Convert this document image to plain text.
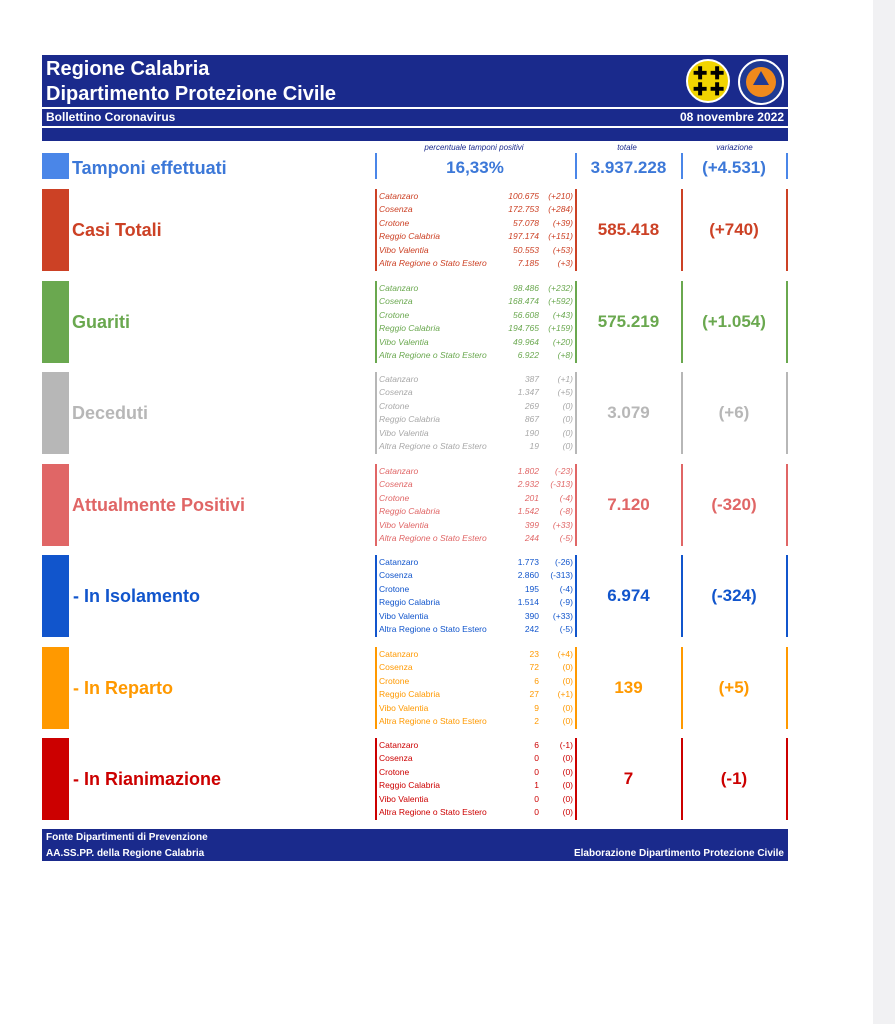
Regione Calabria
Dipartimento Protezione Civile
✚ ✚
✚ ✚
Bollettino Coronavirus	08 novembre 2022
percentuale tamponi positivi	totale	variazione
Tamponi effettuati	16,33%	3.937.228	(+4.531)
Casi Totali
Catanzaro	100.675	(+210)
Cosenza	172.753	(+284)
Crotone	57.078	(+39)
Reggio Calabria	197.174	(+151)
Vibo Valentia	50.553	(+53)
Altra Regione o Stato Estero	7.185	(+3)
585.418	(+740)
Guariti
Catanzaro	98.486	(+232)
Cosenza	168.474	(+592)
Crotone	56.608	(+43)
Reggio Calabria	194.765	(+159)
Vibo Valentia	49.964	(+20)
Altra Regione o Stato Estero	6.922	(+8)
575.219	(+1.054)
Deceduti
Catanzaro	387	(+1)
Cosenza	1.347	(+5)
Crotone	269	(0)
Reggio Calabria	867	(0)
Vibo Valentia	190	(0)
Altra Regione o Stato Estero	19	(0)
3.079	(+6)
Attualmente Positivi
Catanzaro	1.802	(-23)
Cosenza	2.932	(-313)
Crotone	201	(-4)
Reggio Calabria	1.542	(-8)
Vibo Valentia	399	(+33)
Altra Regione o Stato Estero	244	(-5)
7.120	(-320)
- In Isolamento
Catanzaro	1.773	(-26)
Cosenza	2.860	(-313)
Crotone	195	(-4)
Reggio Calabria	1.514	(-9)
Vibo Valentia	390	(+33)
Altra Regione o Stato Estero	242	(-5)
6.974	(-324)
- In Reparto
Catanzaro	23	(+4)
Cosenza	72	(0)
Crotone	6	(0)
Reggio Calabria	27	(+1)
Vibo Valentia	9	(0)
Altra Regione o Stato Estero	2	(0)
139	(+5)
- In Rianimazione
Catanzaro	6	(-1)
Cosenza	0	(0)
Crotone	0	(0)
Reggio Calabria	1	(0)
Vibo Valentia	0	(0)
Altra Regione o Stato Estero	0	(0)
7	(-1)
Fonte Dipartimenti di Prevenzione
AA.SS.PP. della Regione Calabria	Elaborazione Dipartimento Protezione Civile
